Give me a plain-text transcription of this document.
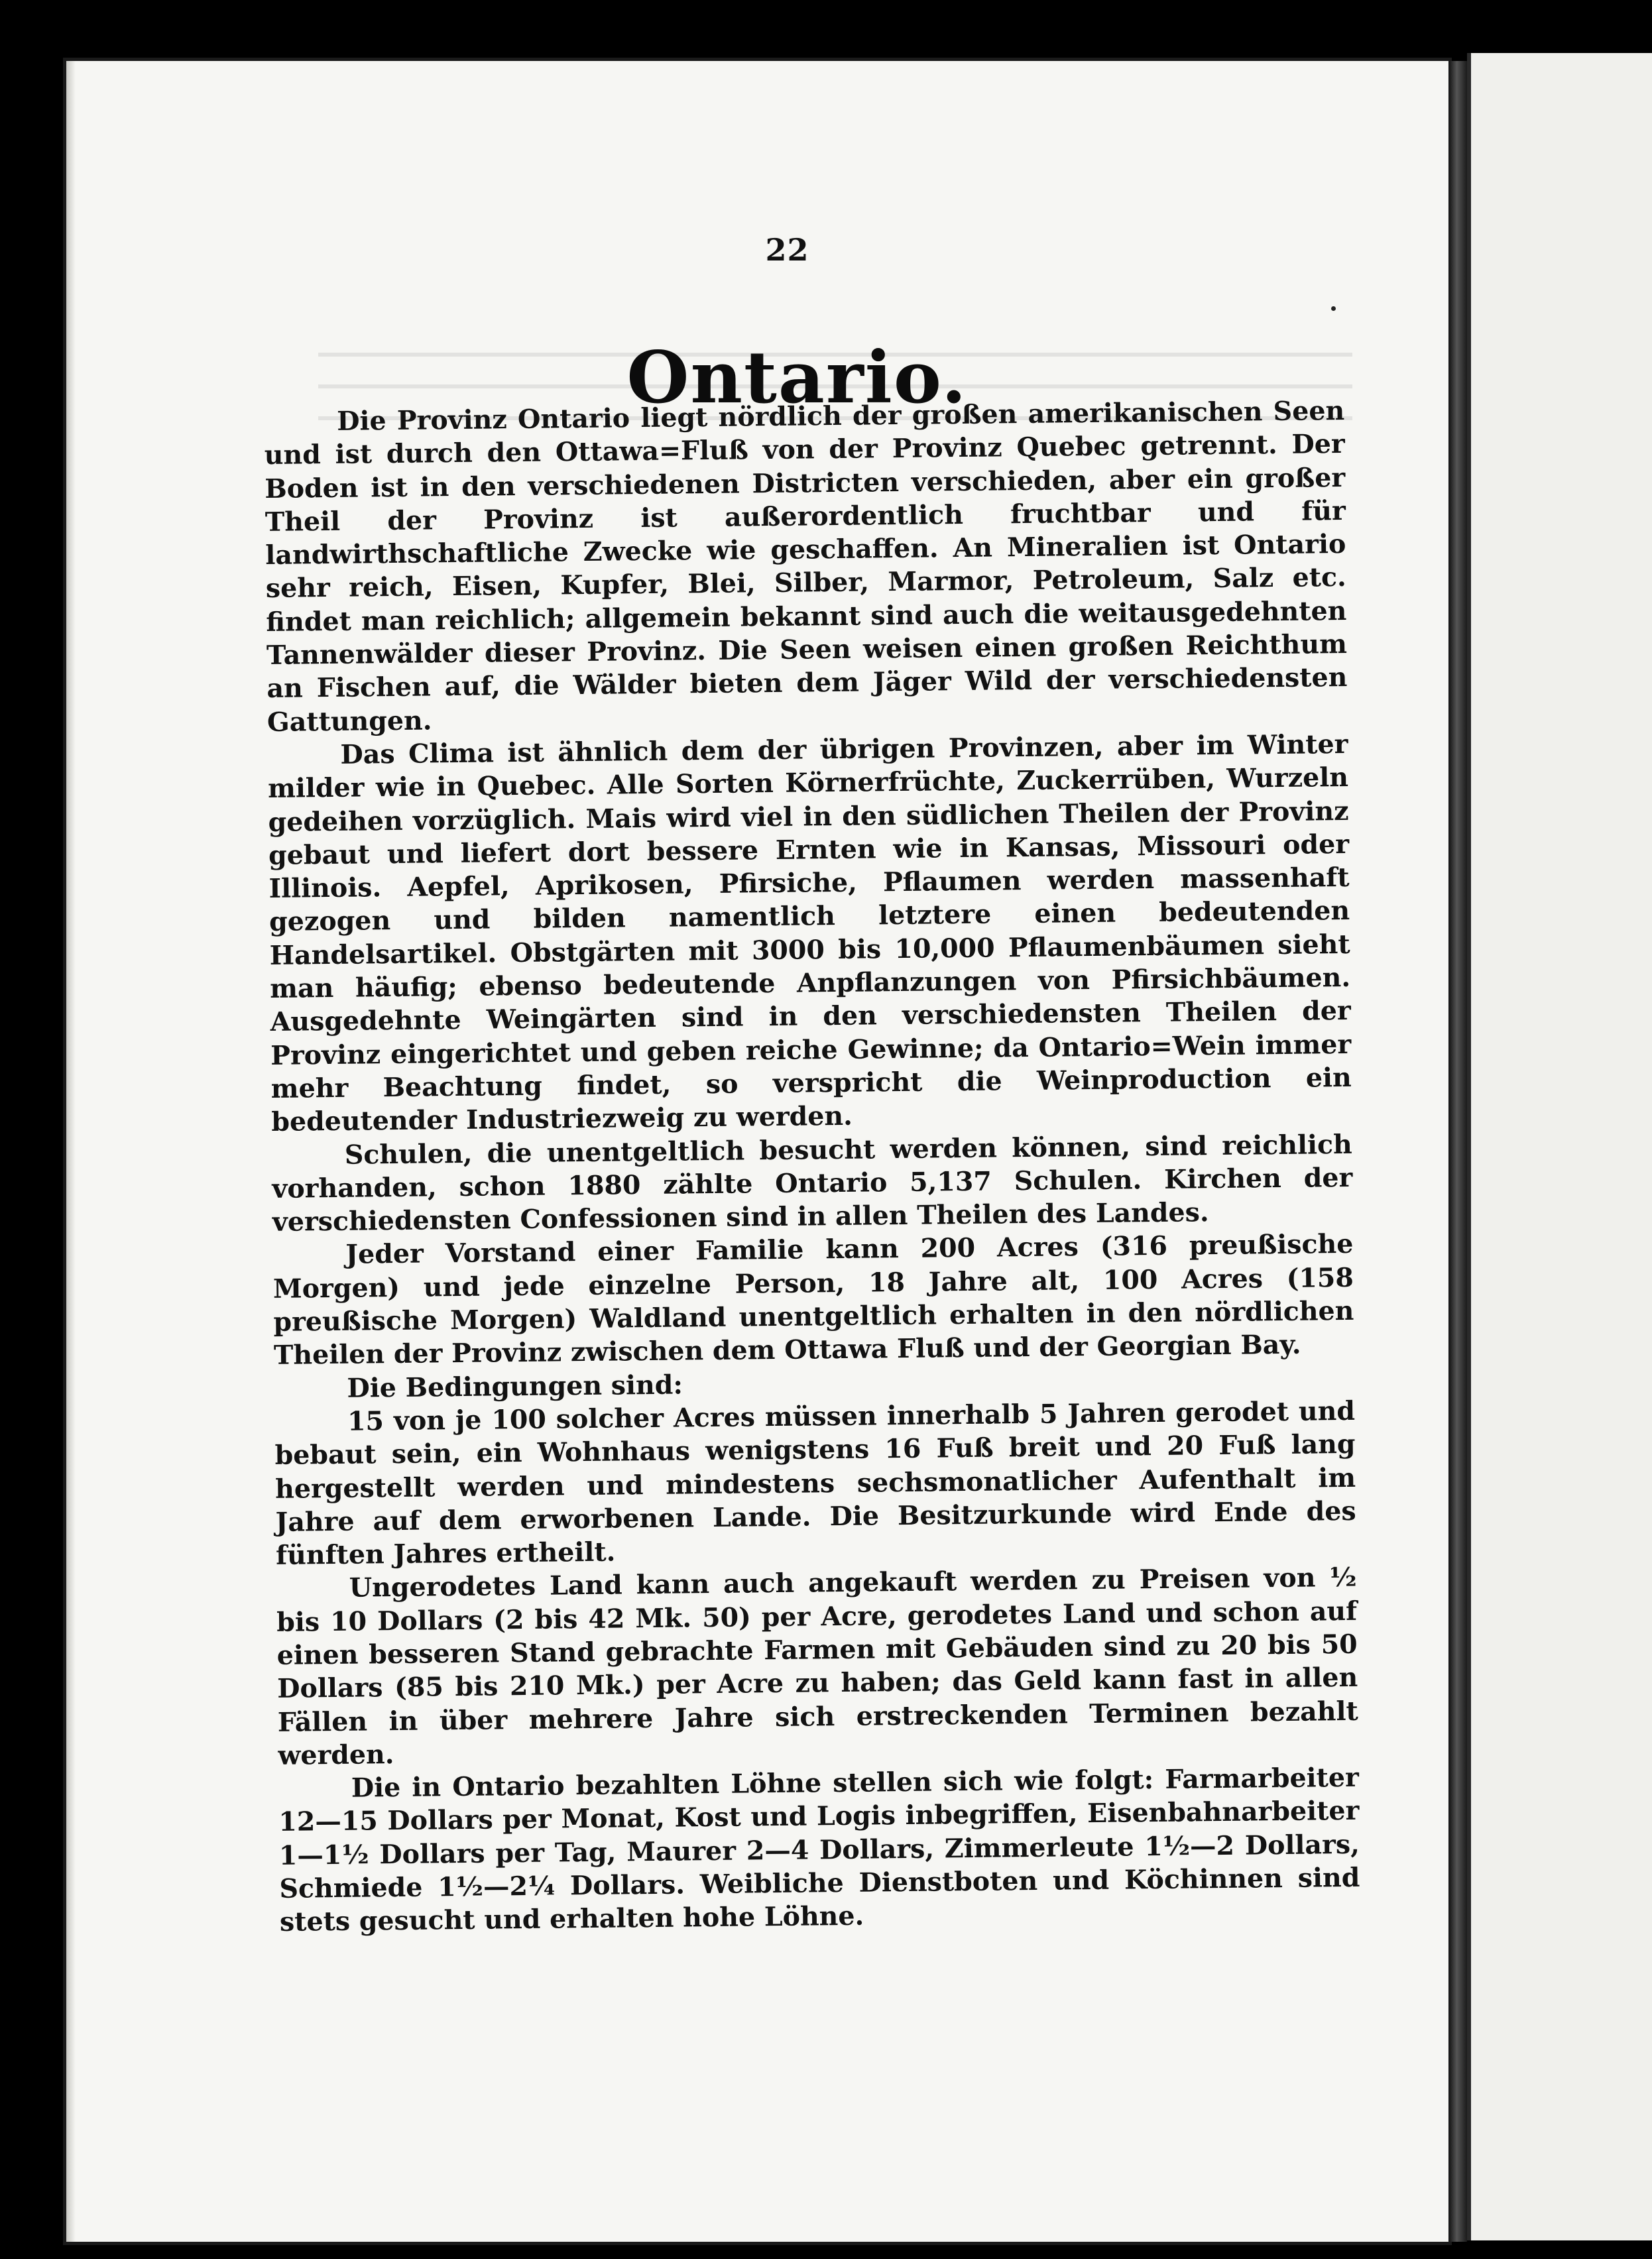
22
Ontario.

Die Provinz Ontario liegt nördlich der großen amerikanischen Seen und ist durch den Ottawa=Fluß von der Provinz Quebec getrennt. Der Boden ist in den verschiedenen Districten verschieden, aber ein großer Theil der Provinz ist außerordentlich fruchtbar und für landwirthschaftliche Zwecke wie geschaffen. An Mineralien ist Ontario sehr reich, Eisen, Kupfer, Blei, Silber, Marmor, Petroleum, Salz etc. findet man reichlich; allgemein bekannt sind auch die weitausgedehnten Tannenwälder dieser Provinz. Die Seen weisen einen großen Reichthum an Fischen auf, die Wälder bieten dem Jäger Wild der verschiedensten Gattungen.

Das Clima ist ähnlich dem der übrigen Provinzen, aber im Winter milder wie in Quebec. Alle Sorten Körnerfrüchte, Zuckerrüben, Wurzeln gedeihen vorzüglich. Mais wird viel in den südlichen Theilen der Provinz gebaut und liefert dort bessere Ernten wie in Kansas, Missouri oder Illinois. Aepfel, Aprikosen, Pfirsiche, Pflaumen werden massenhaft gezogen und bilden namentlich letztere einen bedeutenden Handelsartikel. Obstgärten mit 3000 bis 10,000 Pflaumenbäumen sieht man häufig; ebenso bedeutende Anpflanzungen von Pfirsichbäumen. Ausgedehnte Weingärten sind in den verschiedensten Theilen der Provinz eingerichtet und geben reiche Gewinne; da Ontario=Wein immer mehr Beachtung findet, so verspricht die Weinproduction ein bedeutender Industriezweig zu werden.

Schulen, die unentgeltlich besucht werden können, sind reichlich vorhanden, schon 1880 zählte Ontario 5,137 Schulen. Kirchen der verschiedensten Confessionen sind in allen Theilen des Landes.

Jeder Vorstand einer Familie kann 200 Acres (316 preußische Morgen) und jede einzelne Person, 18 Jahre alt, 100 Acres (158 preußische Morgen) Waldland unentgeltlich erhalten in den nördlichen Theilen der Provinz zwischen dem Ottawa Fluß und der Georgian Bay.

Die Bedingungen sind:

15 von je 100 solcher Acres müssen innerhalb 5 Jahren gerodet und bebaut sein, ein Wohnhaus wenigstens 16 Fuß breit und 20 Fuß lang hergestellt werden und mindestens sechsmonatlicher Aufenthalt im Jahre auf dem erworbenen Lande. Die Besitzurkunde wird Ende des fünften Jahres ertheilt.

Ungerodetes Land kann auch angekauft werden zu Preisen von ½ bis 10 Dollars (2 bis 42 Mk. 50) per Acre, gerodetes Land und schon auf einen besseren Stand gebrachte Farmen mit Gebäuden sind zu 20 bis 50 Dollars (85 bis 210 Mk.) per Acre zu haben; das Geld kann fast in allen Fällen in über mehrere Jahre sich erstreckenden Terminen bezahlt werden.

Die in Ontario bezahlten Löhne stellen sich wie folgt: Farmarbeiter 12—15 Dollars per Monat, Kost und Logis inbegriffen, Eisenbahnarbeiter 1—1½ Dollars per Tag, Maurer 2—4 Dollars, Zimmerleute 1½—2 Dollars, Schmiede 1½—2¼ Dollars. Weibliche Dienstboten und Köchinnen sind stets gesucht und erhalten hohe Löhne.
